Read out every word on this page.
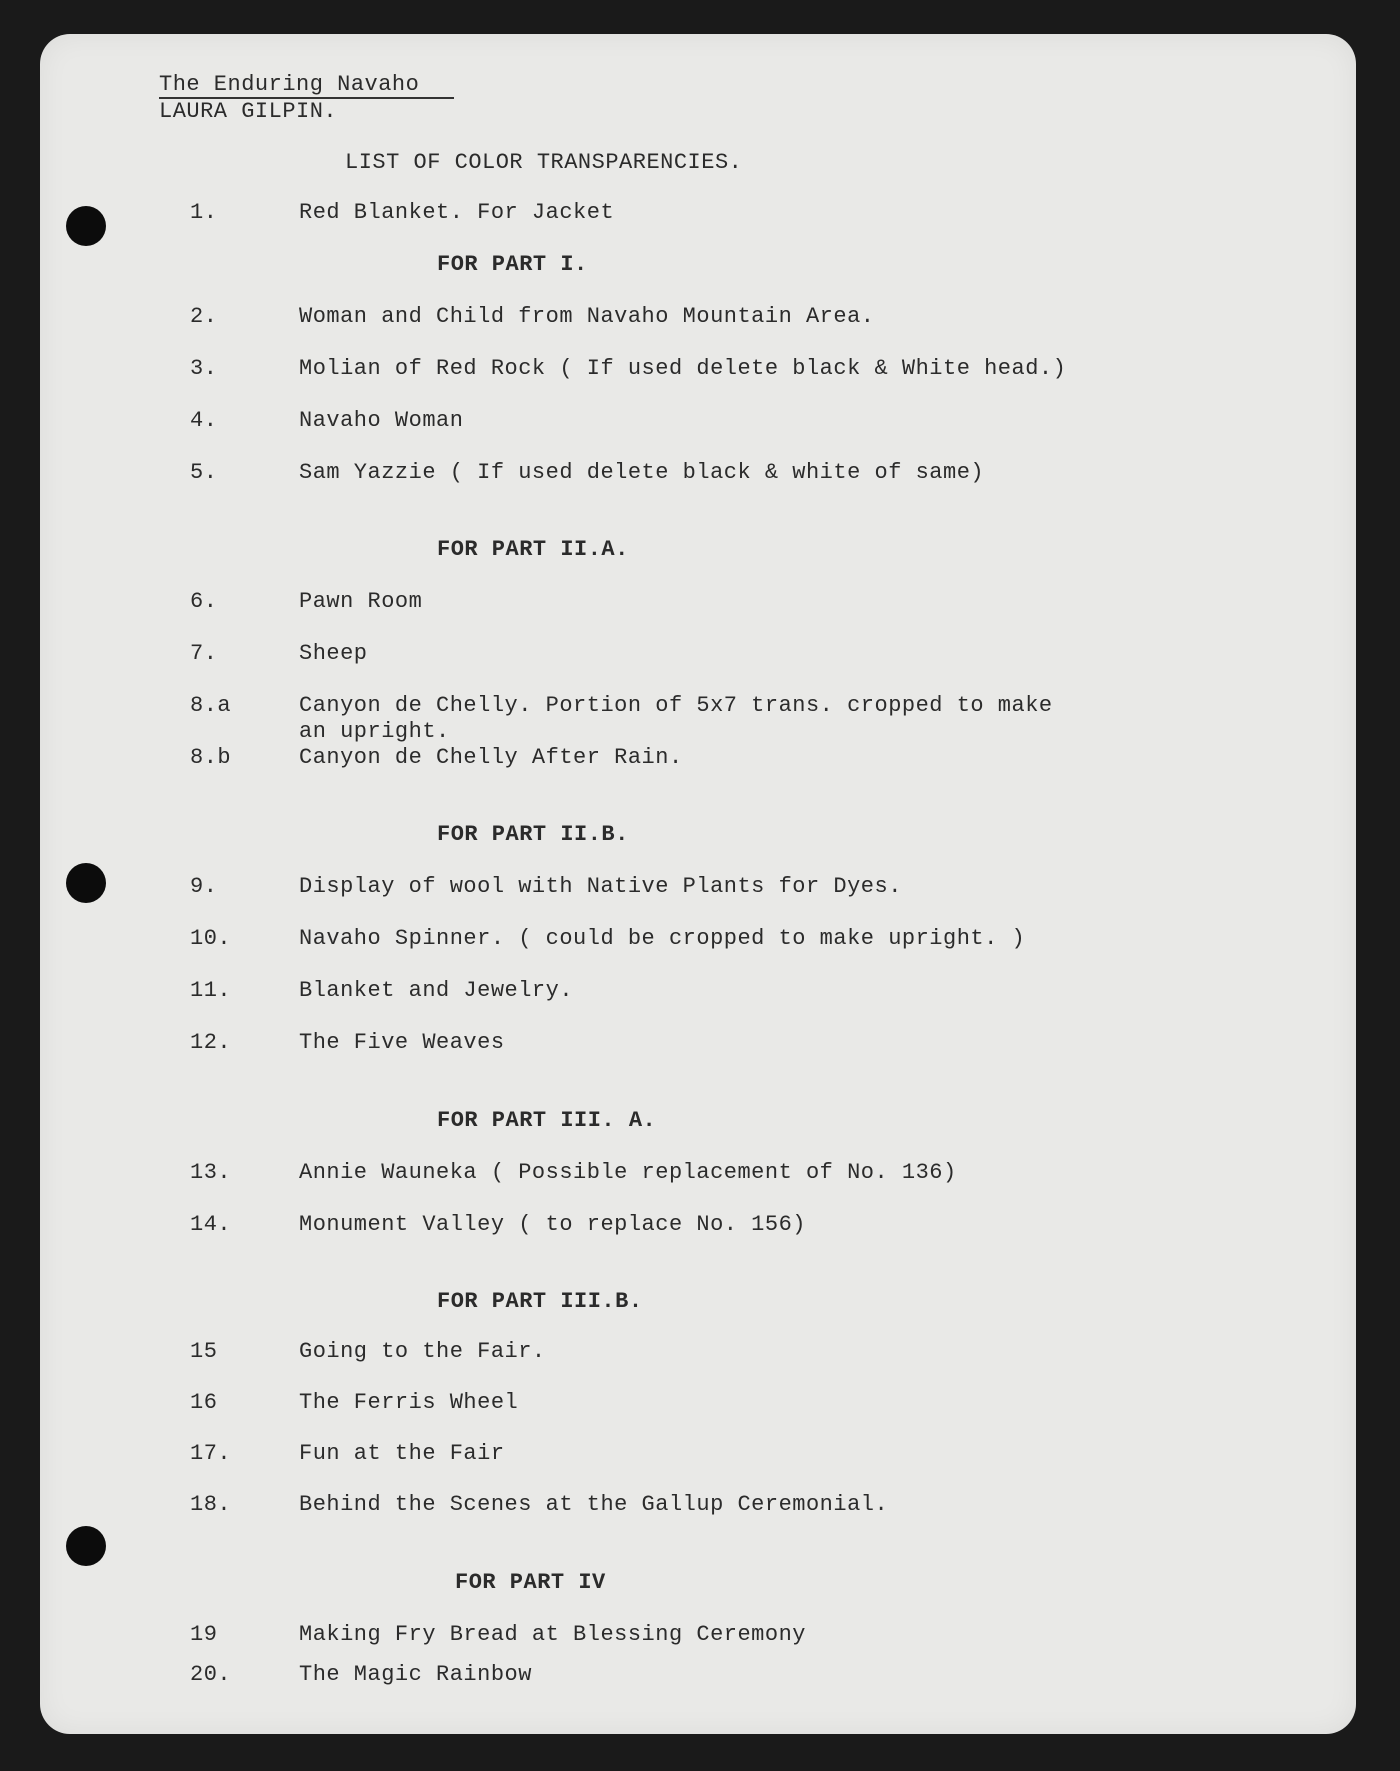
The Enduring Navaho
LAURA GILPIN.
LIST OF COLOR TRANSPARENCIES.
1.	Red Blanket. For Jacket
FOR PART I.
2.	Woman and Child from Navaho Mountain Area.
3.	Molian of Red Rock ( If used delete black & White head.)
4.	Navaho Woman
5.	Sam Yazzie ( If used delete black & white of same)
FOR PART II.A.
6.	Pawn Room
7.	Sheep
8.a	Canyon de Chelly. Portion of 5x7 trans. cropped to make
an upright.
8.b	Canyon de Chelly After Rain.
FOR PART II.B.
9.	Display of wool with Native Plants for Dyes.
10.	Navaho Spinner. ( could be cropped to make upright. )
11.	Blanket and Jewelry.
12.	The Five Weaves
FOR PART III. A.
13.	Annie Wauneka ( Possible replacement of No. 136)
14.	Monument Valley ( to replace No. 156)
FOR PART III.B.
15	Going to the Fair.
16	The Ferris Wheel
17.	Fun at the Fair
18.	Behind the Scenes at the Gallup Ceremonial.
FOR PART IV
19	Making Fry Bread at Blessing Ceremony
20.	The Magic Rainbow
